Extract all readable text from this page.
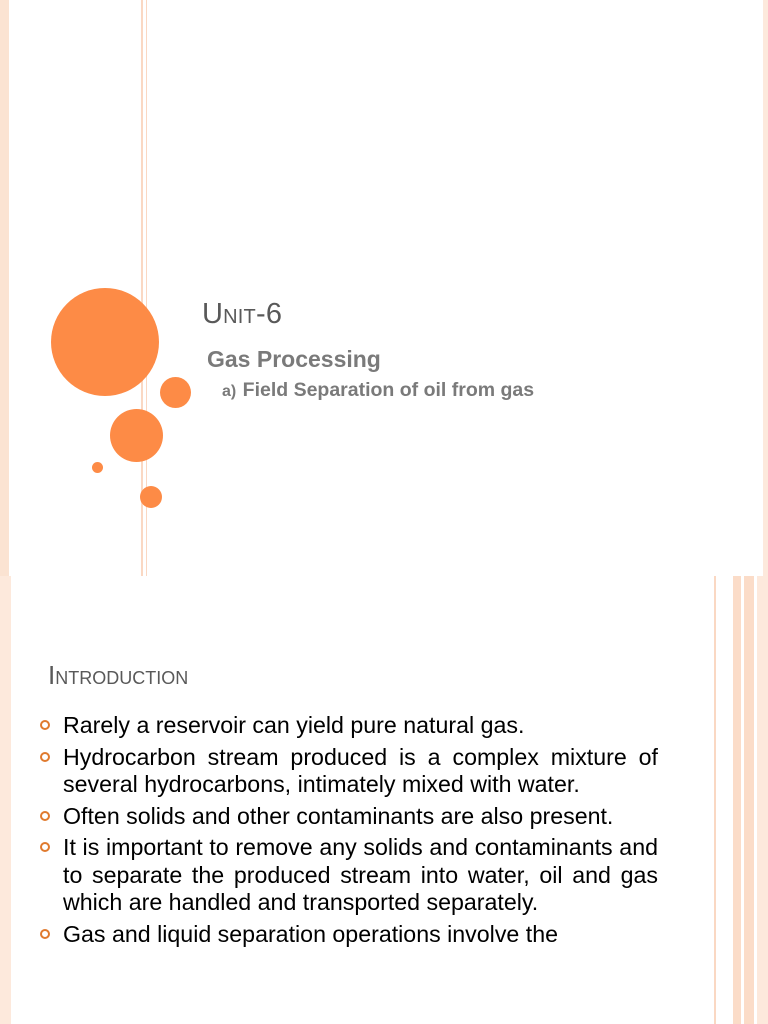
Unit-6

Gas Processing

a) Field Separation of oil from gas

Introduction
Rarely a reservoir can yield pure natural gas.
Hydrocarbon stream produced is a complex mixture of several hydrocarbons, intimately mixed with water.
Often solids and other contaminants are also present.
It is important to remove any solids and contaminants and to separate the produced stream into water, oil and gas which are handled and transported separately.
Gas and liquid separation operations involve the
